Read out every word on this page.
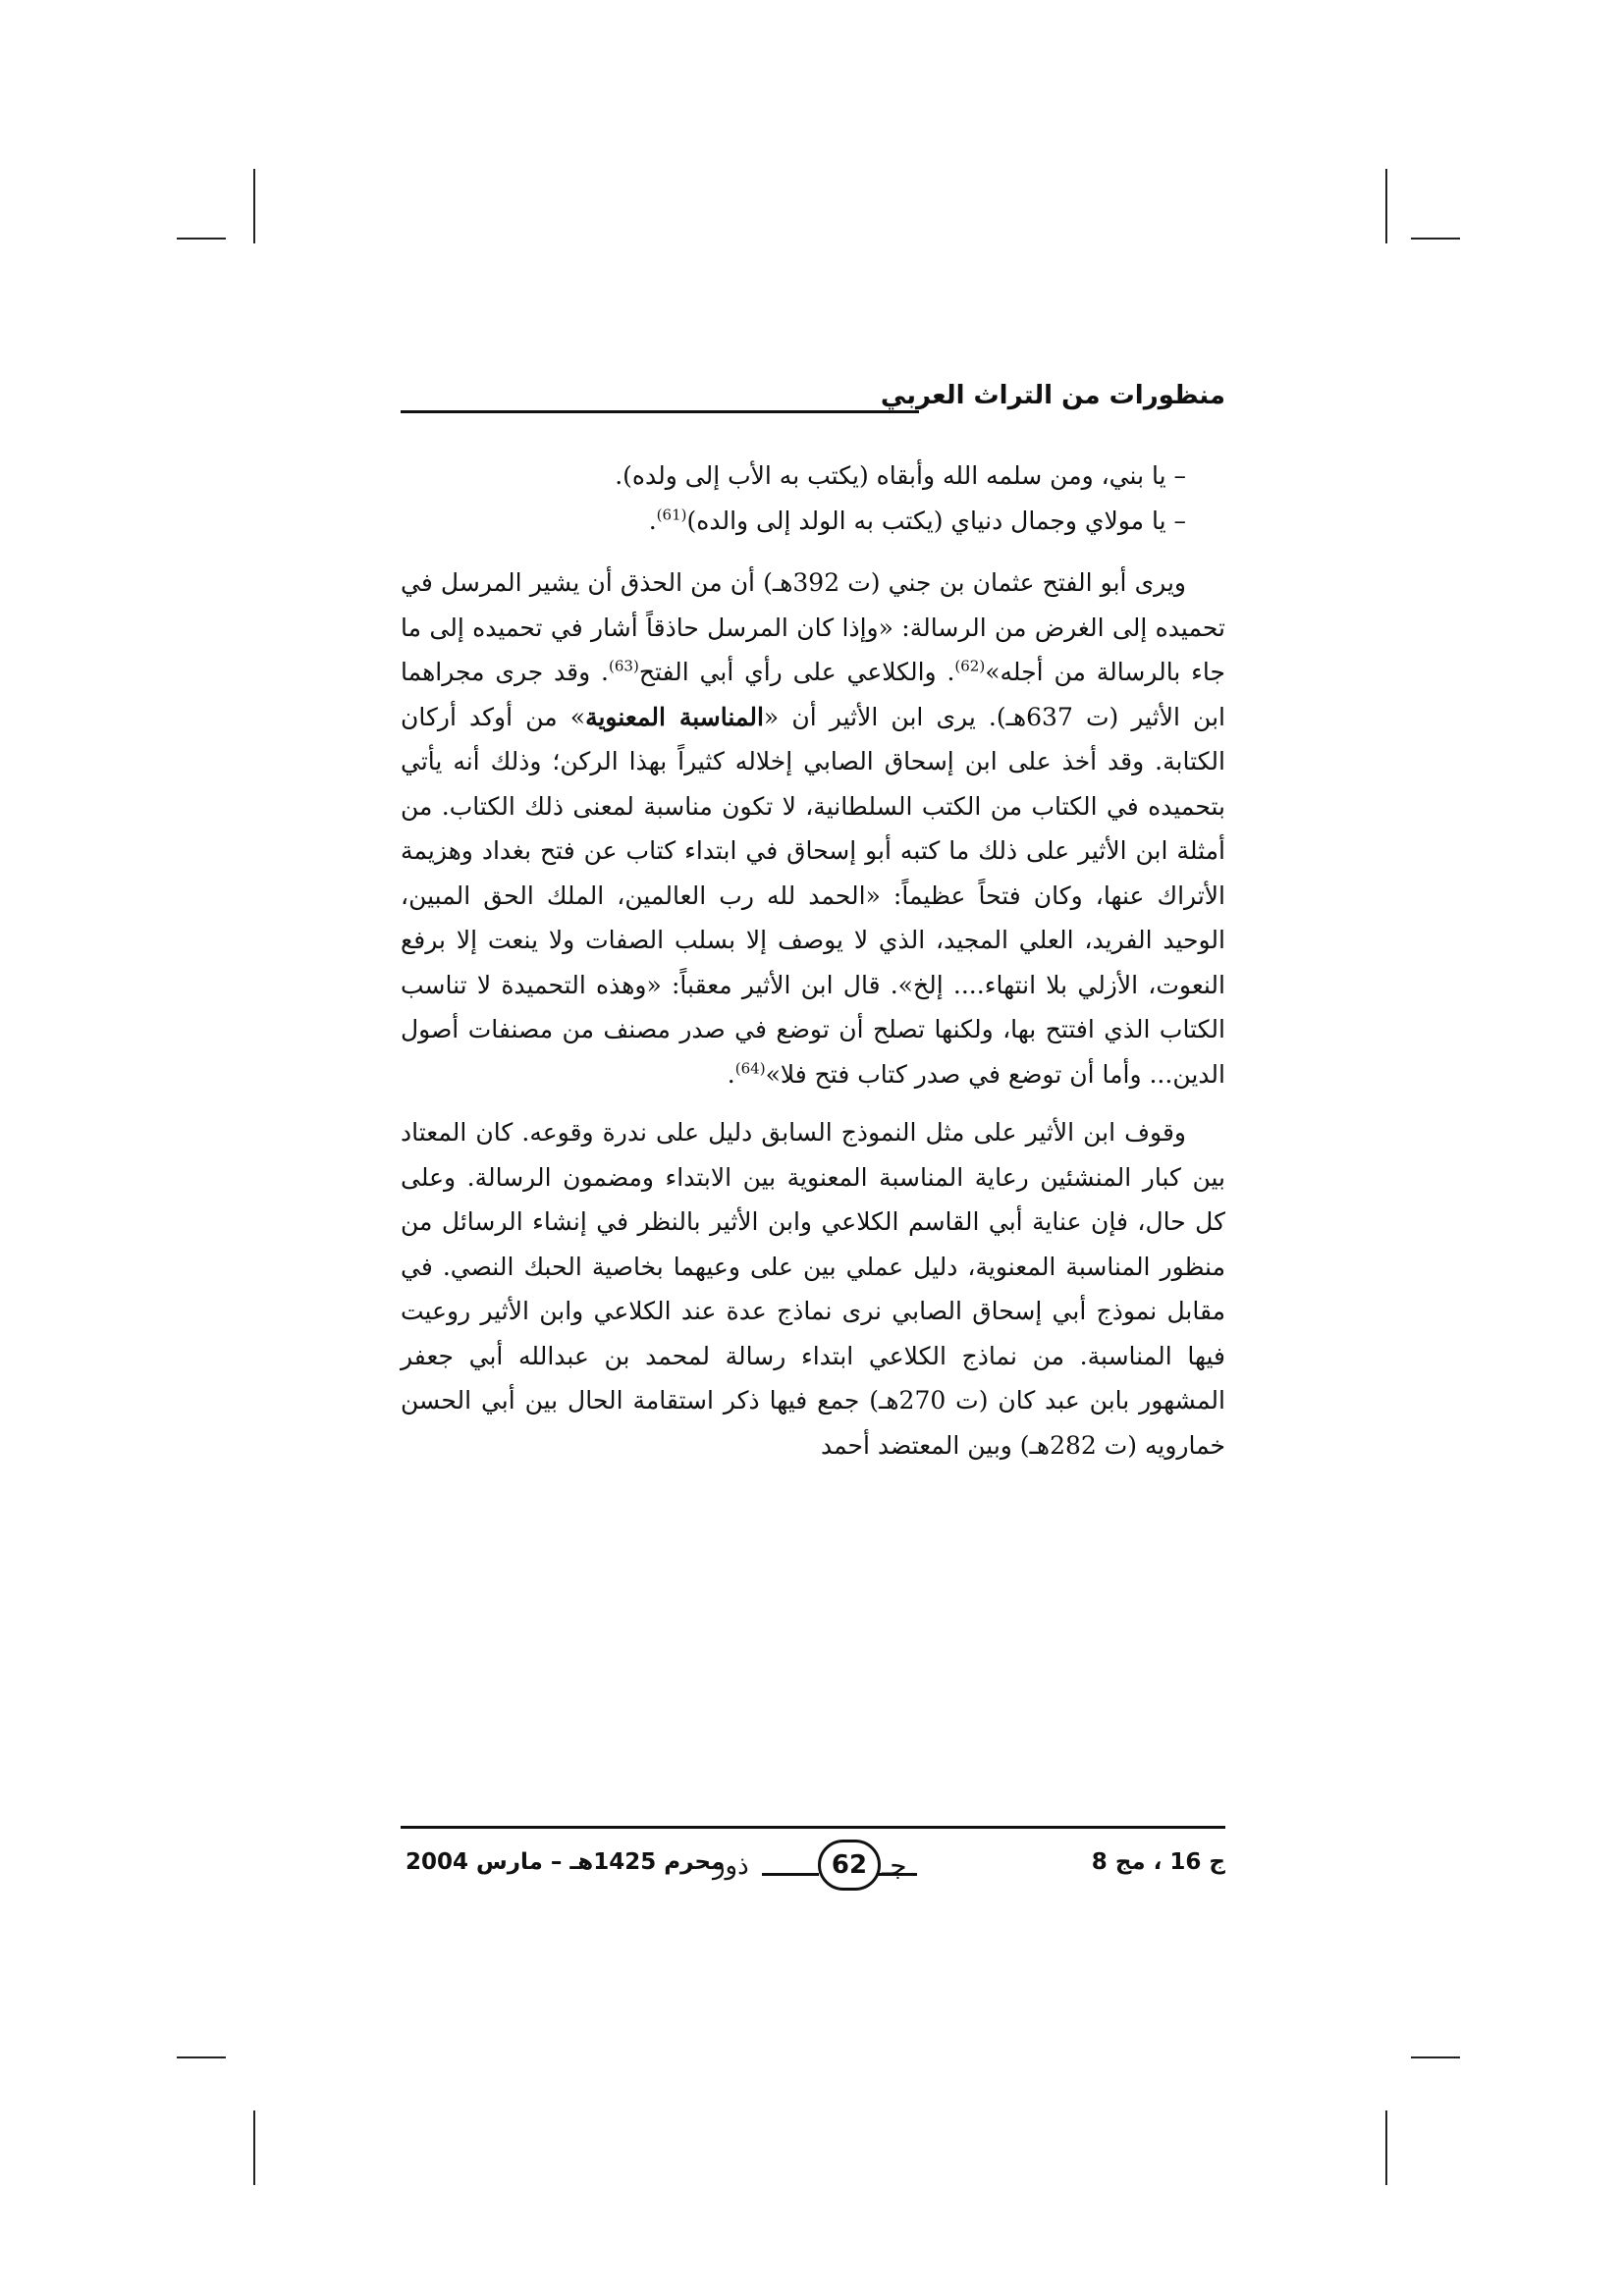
منظورات من التراث العربي

– يا بني، ومن سلمه الله وأبقاه (يكتب به الأب إلى ولده).

– يا مولاي وجمال دنياي (يكتب به الولد إلى والده)$^{(61)}$.

ويرى أبو الفتح عثمان بن جني (ت 392هـ) أن من الحذق أن يشير المرسل في تحميده إلى الغرض من الرسالة: «وإذا كان المرسل حاذقاً أشار في تحميده إلى ما جاء بالرسالة من أجله»$^{(62)}$. والكلاعي على رأي أبي الفتح$^{(63)}$. وقد جرى مجراهما ابن الأثير (ت 637هـ). يرى ابن الأثير أن «المناسبة المعنوية» من أوكد أركان الكتابة. وقد أخذ على ابن إسحاق الصابي إخلاله كثيراً بهذا الركن؛ وذلك أنه يأتي بتحميده في الكتاب من الكتب السلطانية، لا تكون مناسبة لمعنى ذلك الكتاب. من أمثلة ابن الأثير على ذلك ما كتبه أبو إسحاق في ابتداء كتاب عن فتح بغداد وهزيمة الأتراك عنها، وكان فتحاً عظيماً: «الحمد لله رب العالمين، الملك الحق المبين، الوحيد الفريد، العلي المجيد، الذي لا يوصف إلا بسلب الصفات ولا ينعت إلا برفع النعوت، الأزلي بلا انتهاء.... إلخ». قال ابن الأثير معقباً: «وهذه التحميدة لا تناسب الكتاب الذي افتتح بها، ولكنها تصلح أن توضع في صدر مصنف من مصنفات أصول الدين... وأما أن توضع في صدر كتاب فتح فلا»$^{(64)}$.

وقوف ابن الأثير على مثل النموذج السابق دليل على ندرة وقوعه. كان المعتاد بين كبار المنشئين رعاية المناسبة المعنوية بين الابتداء ومضمون الرسالة. وعلى كل حال، فإن عناية أبي القاسم الكلاعي وابن الأثير بالنظر في إنشاء الرسائل من منظور المناسبة المعنوية، دليل عملي بين على وعيهما بخاصية الحبك النصي. في مقابل نموذج أبي إسحاق الصابي نرى نماذج عدة عند الكلاعي وابن الأثير روعيت فيها المناسبة. من نماذج الكلاعي ابتداء رسالة لمحمد بن عبدالله أبي جعفر المشهور بابن عبد كان (ت 270هـ) جمع فيها ذكر استقامة الحال بين أبي الحسن خمارويه (ت 282هـ) وبين المعتضد أحمد

محرم 1425هـ – مارس 2004
ذور	62 جـ	ج 16 ، مج 8
